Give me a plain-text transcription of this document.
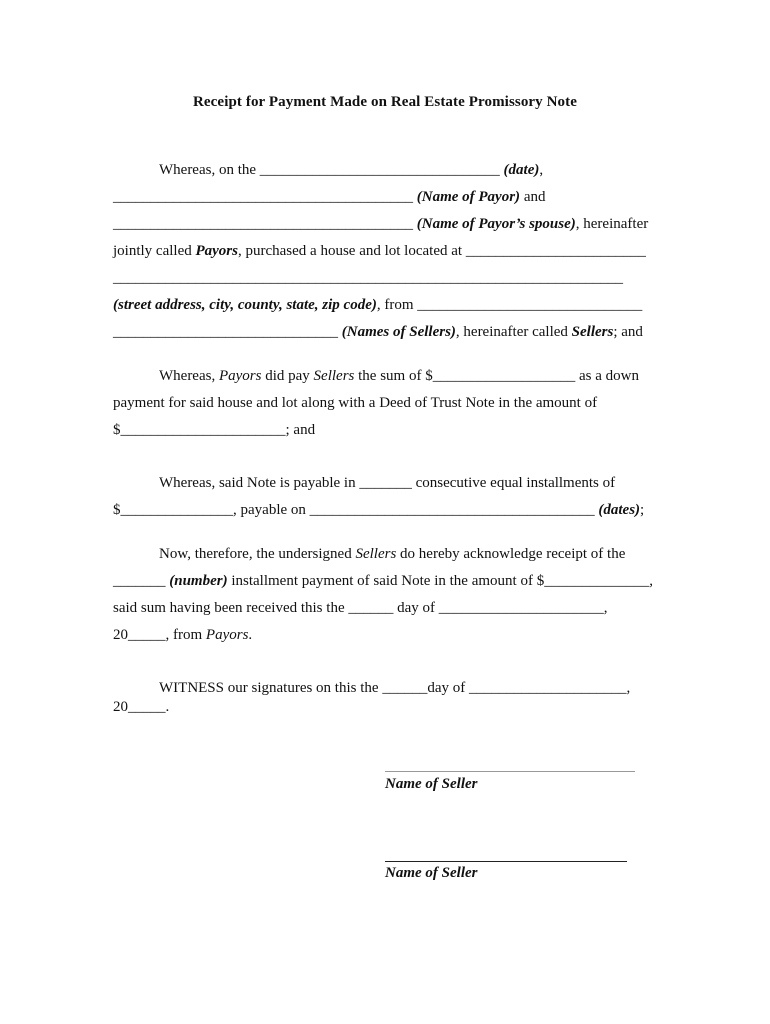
Receipt for Payment Made on Real Estate Promissory Note
Whereas, on the ________________________________ (date),
________________________________________ (Name of Payor) and
________________________________________ (Name of Payor’s spouse), hereinafter
jointly called Payors, purchased a house and lot located at ________________________
____________________________________________________________________
(street address, city, county, state, zip code), from ______________________________
______________________________ (Names of Sellers), hereinafter called Sellers; and
Whereas, Payors did pay Sellers the sum of $___________________ as a down
payment for said house and lot along with a Deed of Trust Note in the amount of
$______________________; and
Whereas, said Note is payable in _______ consecutive equal installments of
$_______________, payable on ______________________________________ (dates);
Now, therefore, the undersigned Sellers do hereby acknowledge receipt of the
_______ (number) installment payment of said Note in the amount of $______________,
said sum having been received this the ______ day of ______________________,
20_____, from Payors.
WITNESS our signatures on this the ______day of _____________________,
20_____.
Name of Seller
Name of Seller
